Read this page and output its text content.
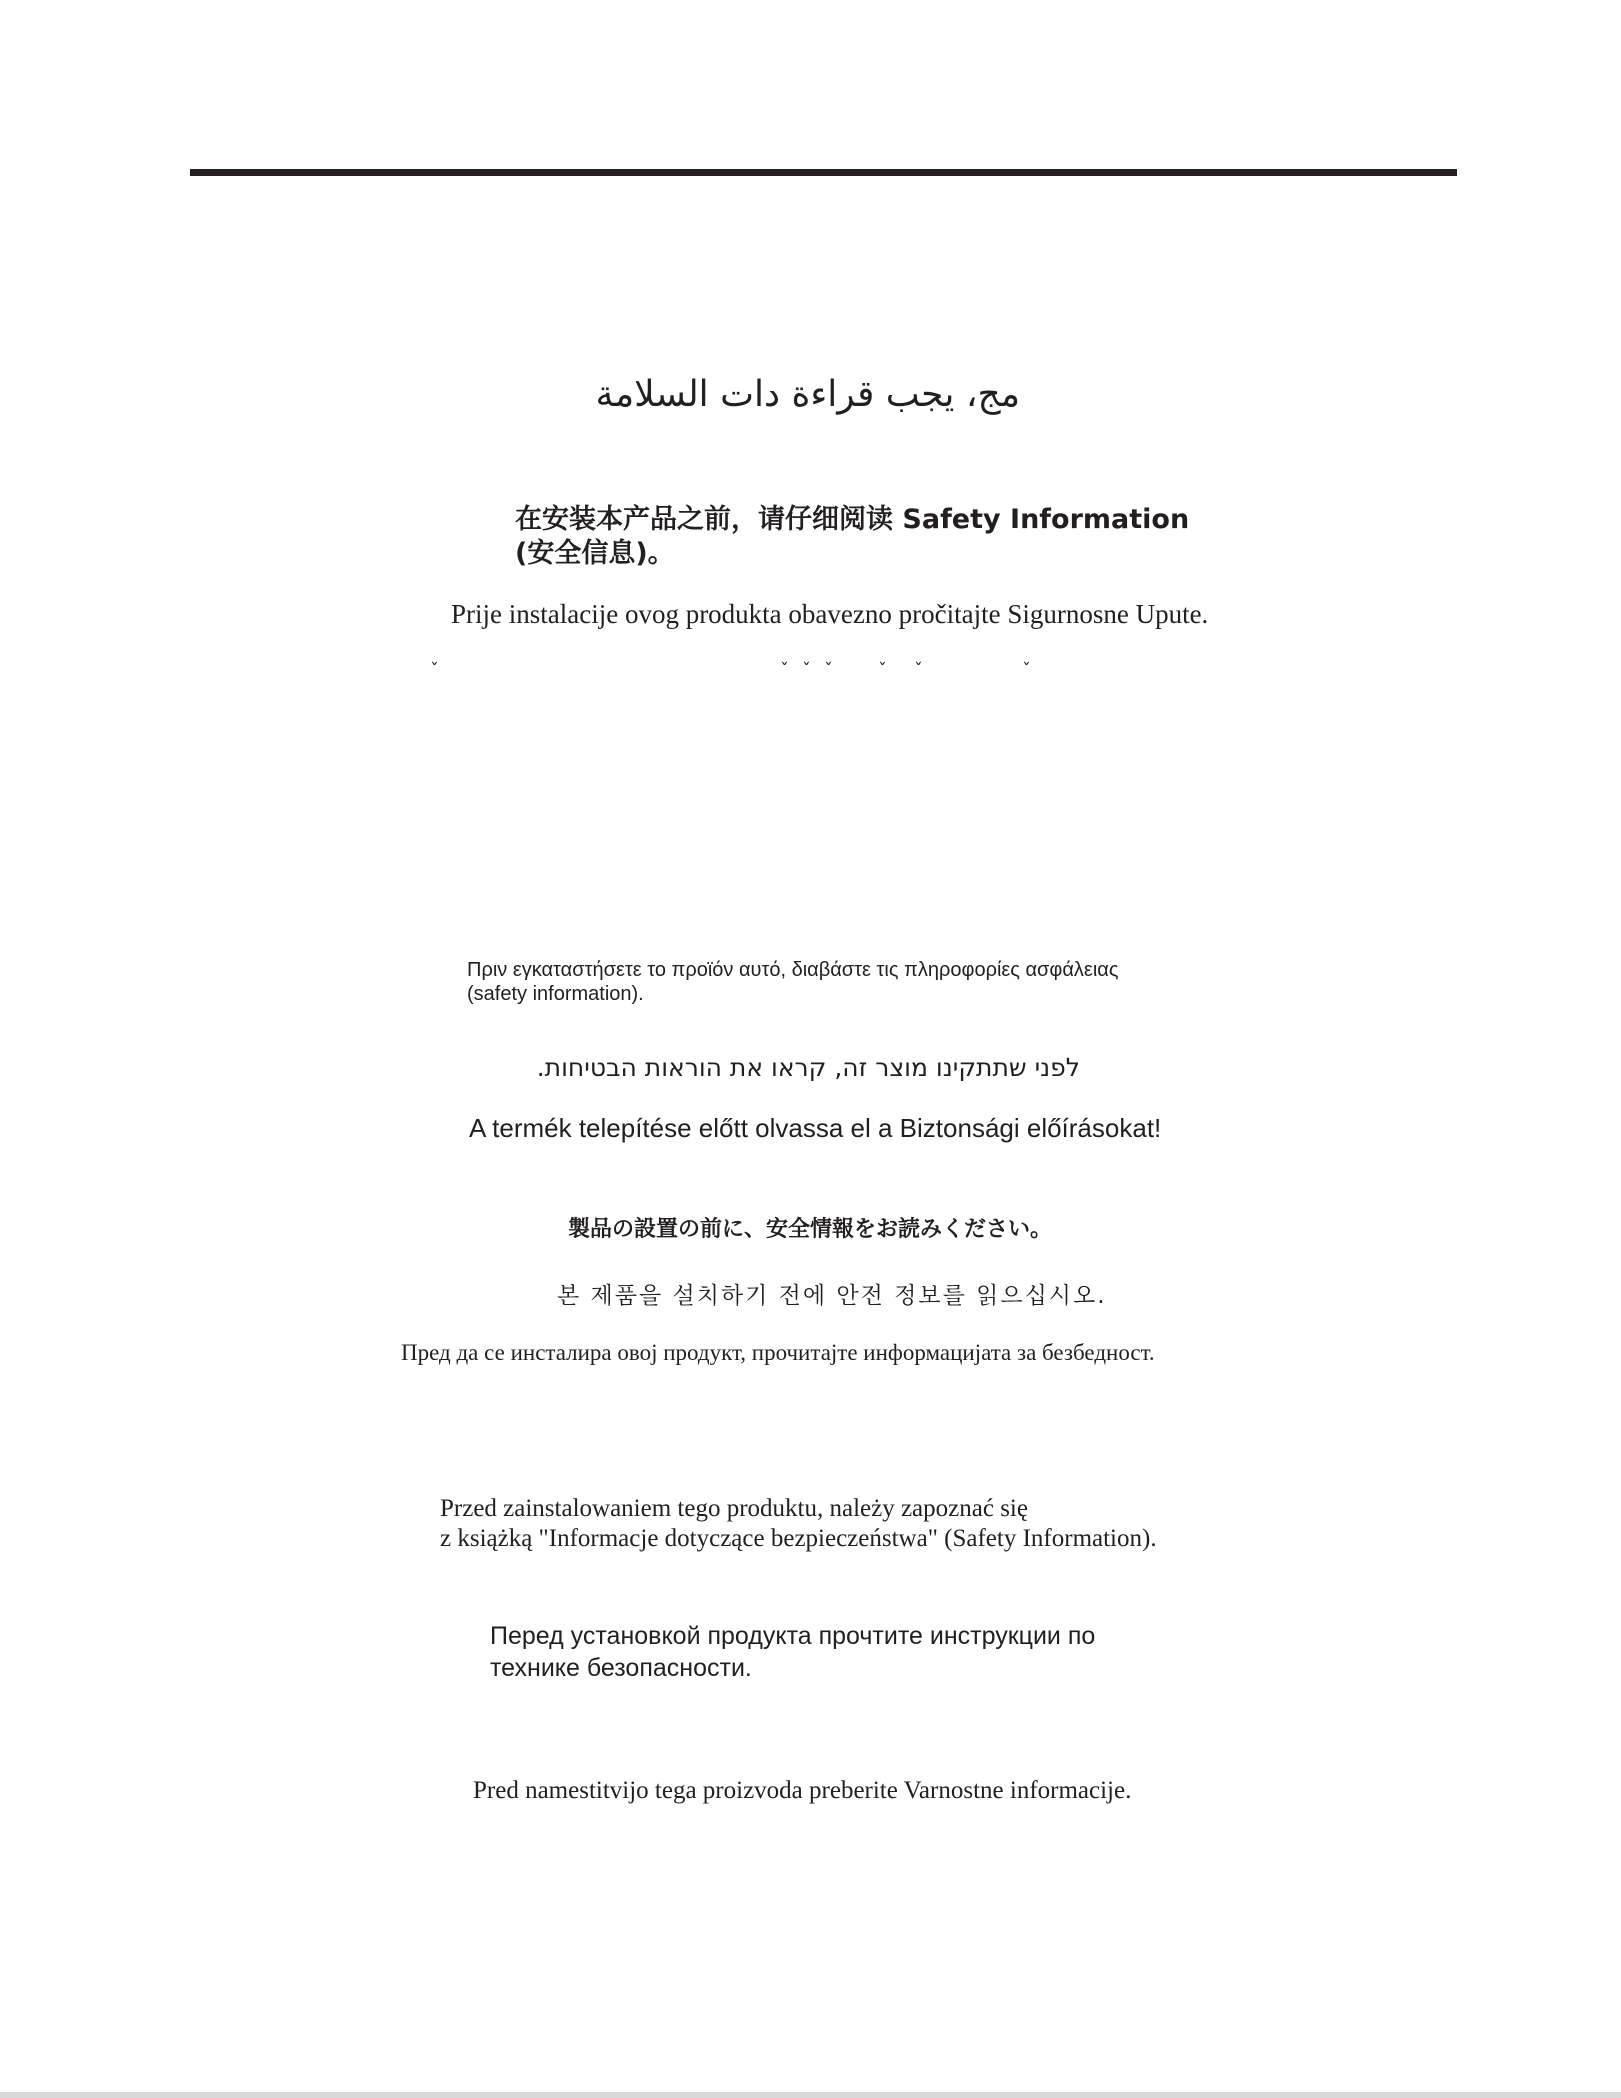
مج، يجب قراءة دات السلامة
在安装本产品之前，请仔细阅读 Safety Information
(安全信息)。
Prije instalacije ovog produkta obavezno pročitajte Sigurnosne Upute.
ˇ	ˇ ˇ ˇ	ˇ ˇ	ˇ
Πριν εγκαταστήσετε το προϊόν αυτό, διαβάστε τις πληροφορίες ασφάλειας
(safety information).
לפני שתתקינו מוצר זה, קראו את הוראות הבטיחות.
A termék telepítése előtt olvassa el a Biztonsági előírásokat!
製品の設置の前に、安全情報をお読みください。
본 제품을 설치하기 전에 안전 정보를 읽으십시오.
Пред да се инсталира овој продукт, прочитајте информацијата за безбедност.
Przed zainstalowaniem tego produktu, należy zapoznać się
z książką "Informacje dotyczące bezpieczeństwa" (Safety Information).
Перед установкой продукта прочтите инструкции по
технике безопасности.
Pred namestitvijo tega proizvoda preberite Varnostne informacije.
